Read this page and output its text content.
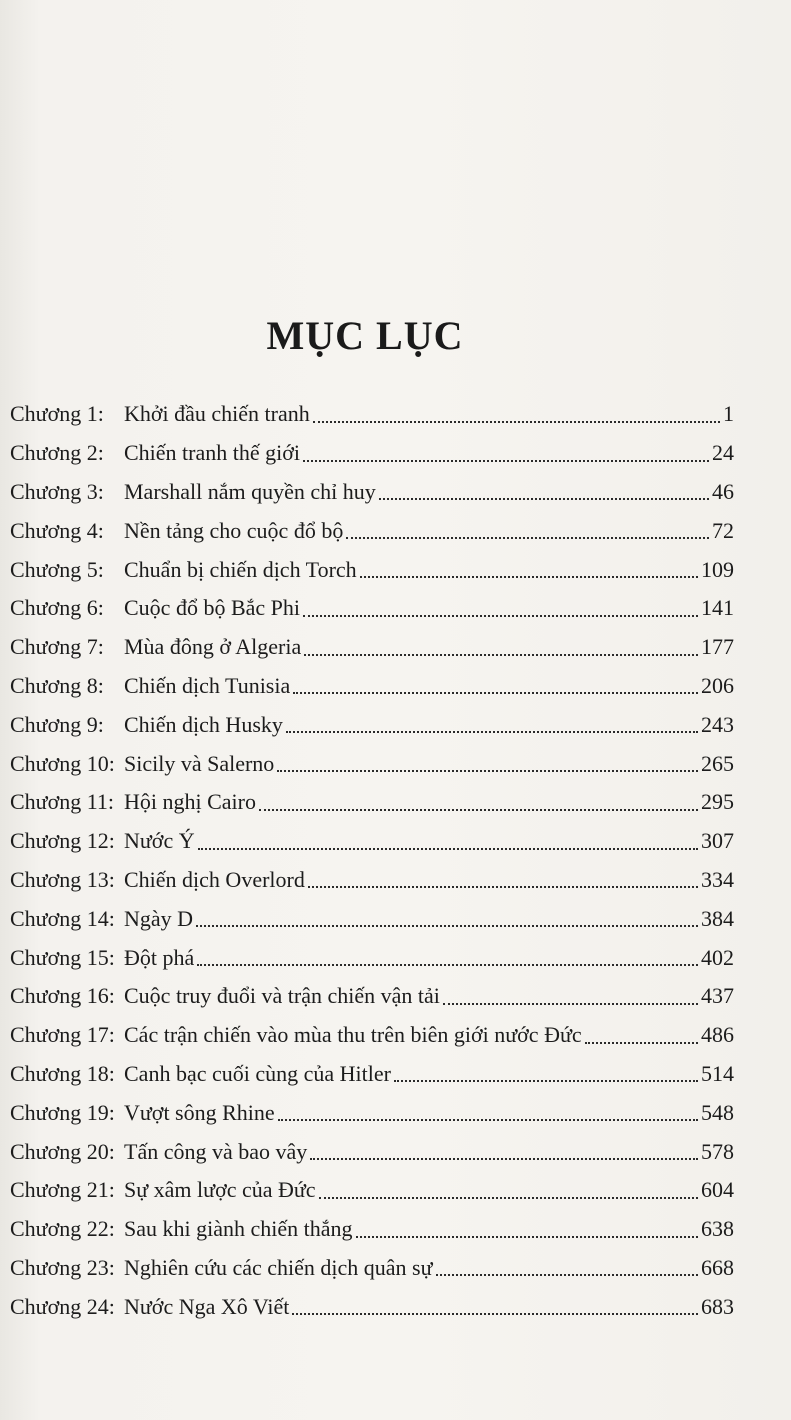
MỤC LỤC
Chương 1: Khởi đầu chiến tranh	1
Chương 2: Chiến tranh thế giới	24
Chương 3: Marshall nắm quyền chỉ huy	46
Chương 4: Nền tảng cho cuộc đổ bộ	72
Chương 5: Chuẩn bị chiến dịch Torch	109
Chương 6: Cuộc đổ bộ Bắc Phi	141
Chương 7: Mùa đông ở Algeria	177
Chương 8: Chiến dịch Tunisia	206
Chương 9: Chiến dịch Husky	243
Chương 10: Sicily và Salerno	265
Chương 11: Hội nghị Cairo	295
Chương 12: Nước Ý	307
Chương 13: Chiến dịch Overlord	334
Chương 14: Ngày D	384
Chương 15: Đột phá	402
Chương 16: Cuộc truy đuổi và trận chiến vận tải	437
Chương 17: Các trận chiến vào mùa thu trên biên giới nước Đức	486
Chương 18: Canh bạc cuối cùng của Hitler	514
Chương 19: Vượt sông Rhine	548
Chương 20: Tấn công và bao vây	578
Chương 21: Sự xâm lược của Đức	604
Chương 22: Sau khi giành chiến thắng	638
Chương 23: Nghiên cứu các chiến dịch quân sự	668
Chương 24: Nước Nga Xô Viết	683
